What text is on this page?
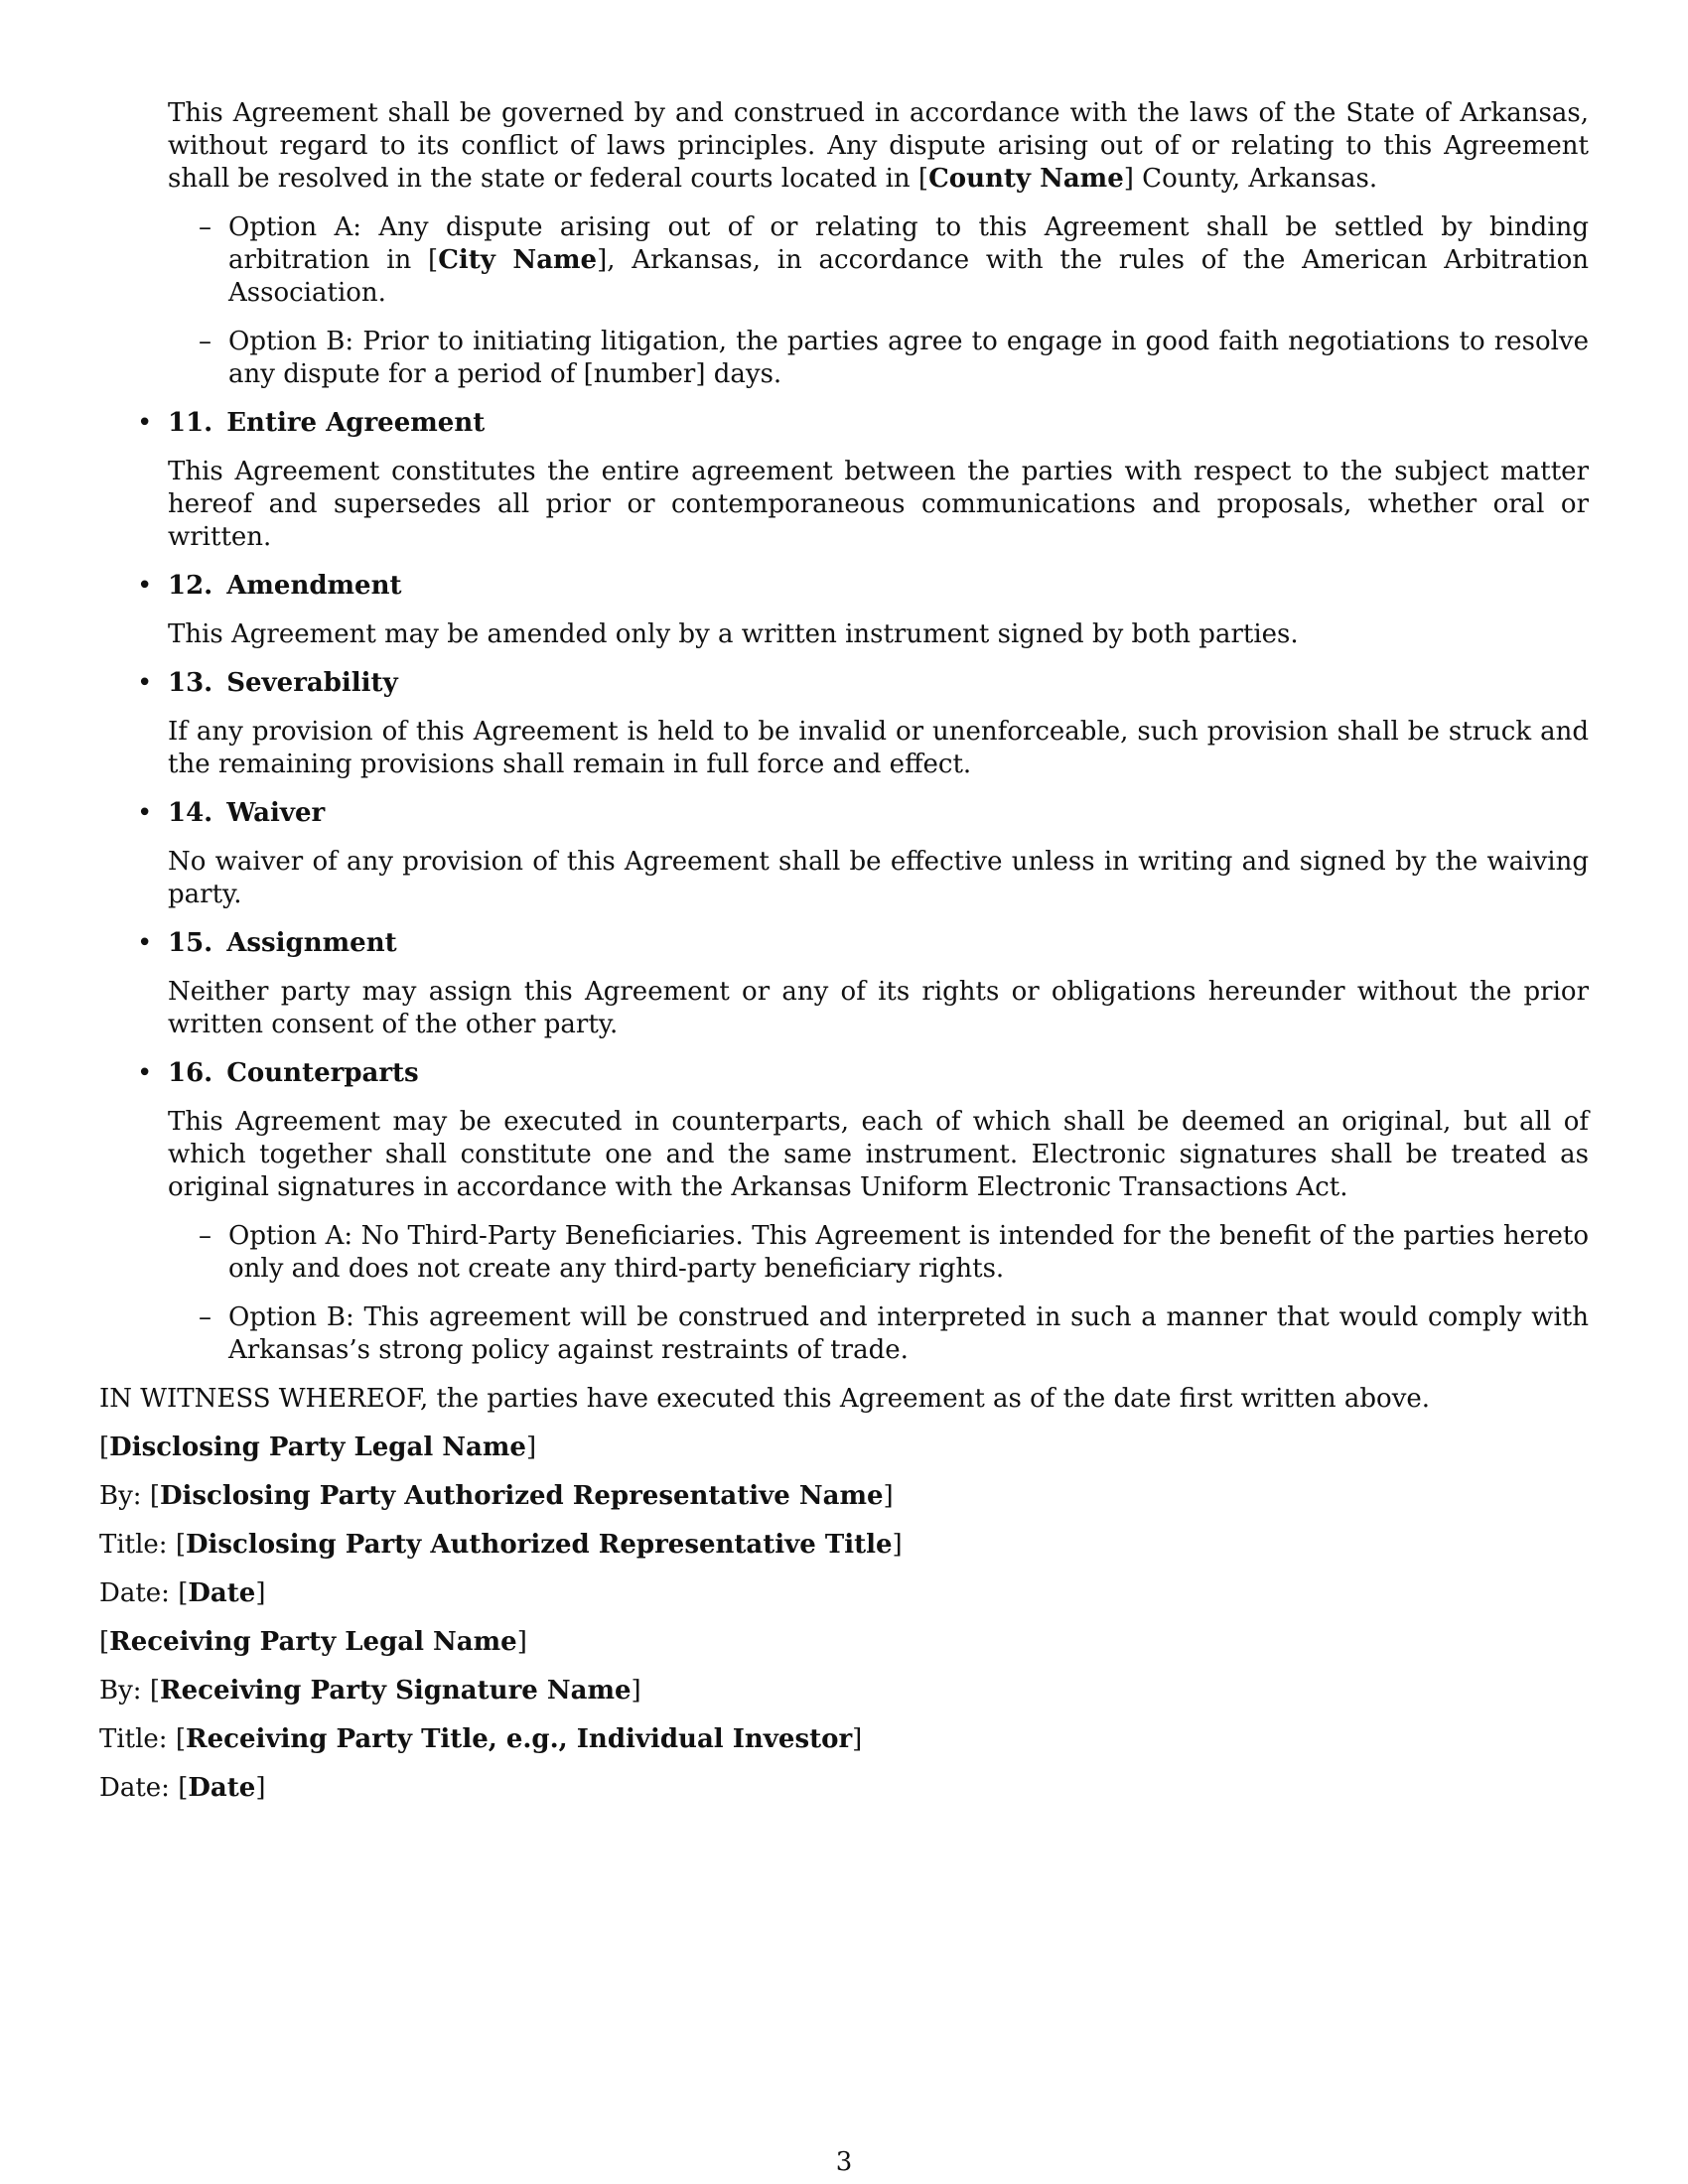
This Agreement shall be governed by and construed in accordance with the laws of the State of Arkansas, without regard to its conflict of laws principles. Any dispute arising out of or relating to this Agreement shall be resolved in the state or federal courts located in [County Name] County, Arkansas.

– Option A: Any dispute arising out of or relating to this Agreement shall be settled by binding arbitration in [City Name], Arkansas, in accordance with the rules of the American Arbitration Association.
– Option B: Prior to initiating litigation, the parties agree to engage in good faith negotiations to resolve any dispute for a period of [number] days.
• 11. Entire Agreement

This Agreement constitutes the entire agreement between the parties with respect to the subject matter hereof and supersedes all prior or contemporaneous communications and proposals, whether oral or written.

• 12. Amendment

This Agreement may be amended only by a written instrument signed by both parties.

• 13. Severability

If any provision of this Agreement is held to be invalid or unenforceable, such provision shall be struck and the remaining provisions shall remain in full force and effect.

• 14. Waiver

No waiver of any provision of this Agreement shall be effective unless in writing and signed by the waiving party.

• 15. Assignment

Neither party may assign this Agreement or any of its rights or obligations hereunder without the prior written consent of the other party.

• 16. Counterparts

This Agreement may be executed in counterparts, each of which shall be deemed an original, but all of which together shall constitute one and the same instrument. Electronic signatures shall be treated as original signatures in accordance with the Arkansas Uniform Electronic Transactions Act.

– Option A: No Third-Party Beneficiaries. This Agreement is intended for the benefit of the parties hereto only and does not create any third-party beneficiary rights.
– Option B: This agreement will be construed and interpreted in such a manner that would comply with Arkansas’s strong policy against restraints of trade.

IN WITNESS WHEREOF, the parties have executed this Agreement as of the date first written above.

[Disclosing Party Legal Name]

By: [Disclosing Party Authorized Representative Name]

Title: [Disclosing Party Authorized Representative Title]

Date: [Date]

[Receiving Party Legal Name]

By: [Receiving Party Signature Name]

Title: [Receiving Party Title, e.g., Individual Investor]

Date: [Date]

3
